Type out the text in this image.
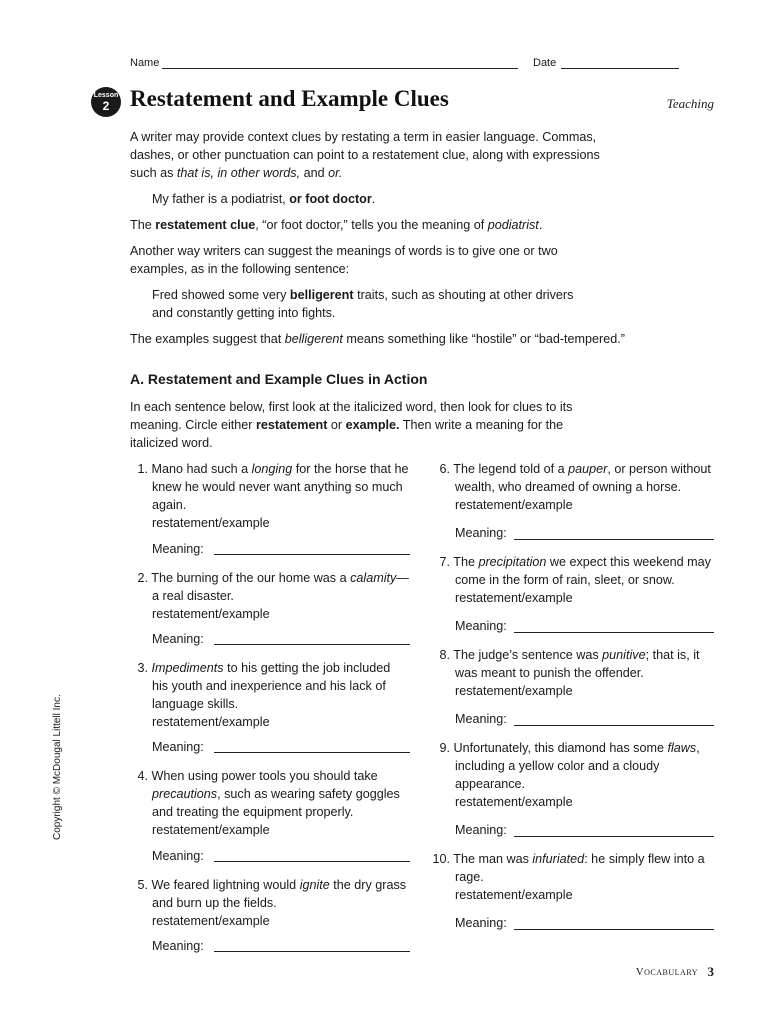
Name	Date
Lesson
2 Restatement and Example Clues	Teaching
A writer may provide context clues by restating a term in easier language. Commas,
dashes, or other punctuation can point to a restatement clue, along with expressions
such as that is, in other words, and or.
My father is a podiatrist, or foot doctor.
The restatement clue, “or foot doctor,” tells you the meaning of podiatrist.
Another way writers can suggest the meanings of words is to give one or two
examples, as in the following sentence:
Fred showed some very belligerent traits, such as shouting at other drivers
and constantly getting into fights.
The examples suggest that belligerent means something like “hostile” or “bad-tempered.”
A. Restatement and Example Clues in Action
In each sentence below, first look at the italicized word, then look for clues to its
meaning. Circle either restatement or example. Then write a meaning for the
italicized word.
1. Mano had such a longing for the horse that he
knew he would never want anything so much
again.
restatement/example
Meaning:
2. The burning of the our home was a calamity—
a real disaster.
restatement/example
Meaning:
3. Impediments to his getting the job included
his youth and inexperience and his lack of
language skills.
restatement/example
Meaning:
4. When using power tools you should take
precautions, such as wearing safety goggles
and treating the equipment properly.
restatement/example
Meaning:
5. We feared lightning would ignite the dry grass
and burn up the fields.
restatement/example
Meaning:
6. The legend told of a pauper, or person without
wealth, who dreamed of owning a horse.
restatement/example
Meaning:
7. The precipitation we expect this weekend may
come in the form of rain, sleet, or snow.
restatement/example
Meaning:
8. The judge’s sentence was punitive; that is, it
was meant to punish the offender.
restatement/example
Meaning:
9. Unfortunately, this diamond has some flaws,
including a yellow color and a cloudy
appearance.
restatement/example
Meaning:
10. The man was infuriated: he simply flew into a
rage.
restatement/example
Meaning:
Copyright © McDougal Littell Inc.
Vocabulary 3
